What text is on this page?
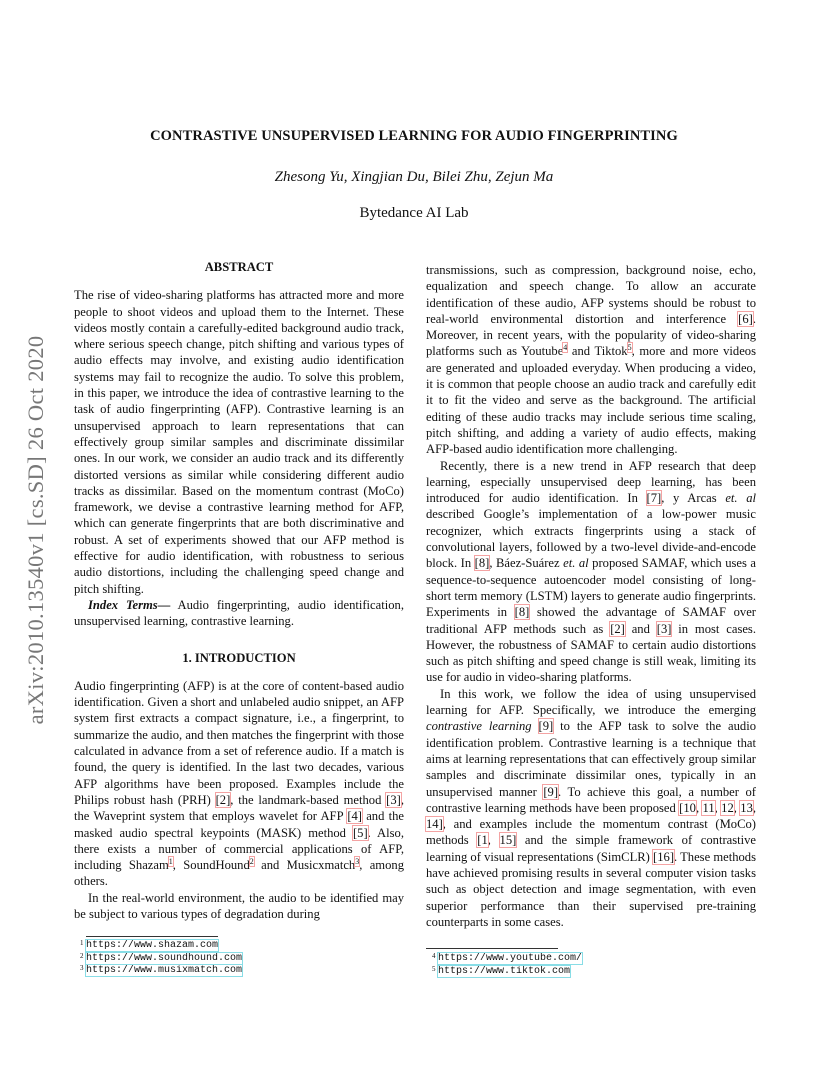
CONTRASTIVE UNSUPERVISED LEARNING FOR AUDIO FINGERPRINTING
Zhesong Yu, Xingjian Du, Bilei Zhu, Zejun Ma
Bytedance AI Lab
arXiv:2010.13540v1 [cs.SD] 26 Oct 2020
ABSTRACT

The rise of video-sharing platforms has attracted more and more people to shoot videos and upload them to the Internet. These videos mostly contain a carefully-edited background audio track, where serious speech change, pitch shifting and various types of audio effects may involve, and existing audio identification systems may fail to recognize the audio. To solve this problem, in this paper, we introduce the idea of contrastive learning to the task of audio fingerprinting (AFP). Contrastive learning is an unsupervised approach to learn representations that can effectively group similar samples and discriminate dissimilar ones. In our work, we consider an audio track and its differently distorted versions as similar while considering different audio tracks as dissimilar. Based on the momentum contrast (MoCo) framework, we devise a contrastive learning method for AFP, which can generate fingerprints that are both discriminative and robust. A set of experiments showed that our AFP method is effective for audio identification, with robustness to serious audio distortions, including the challenging speed change and pitch shifting.

Index Terms— Audio fingerprinting, audio identification, unsupervised learning, contrastive learning.

1. INTRODUCTION

Audio fingerprinting (AFP) is at the core of content-based audio identification. Given a short and unlabeled audio snippet, an AFP system first extracts a compact signature, i.e., a fingerprint, to summarize the audio, and then matches the fingerprint with those calculated in advance from a set of reference audio. If a match is found, the query is identified. In the last two decades, various AFP algorithms have been proposed. Examples include the Philips robust hash (PRH) [2], the landmark-based method [3], the Waveprint system that employs wavelet for AFP [4] and the masked audio spectral keypoints (MASK) method [5]. Also, there exists a number of commercial applications of AFP, including Shazam$^1$, SoundHound$^2$ and Musicxmatch$^3$, among others.

In the real-world environment, the audio to be identified may be subject to various types of degradation during

1 https://www.shazam.com
2 https://www.soundhound.com
3 https://www.musixmatch.com

transmissions, such as compression, background noise, echo, equalization and speech change. To allow an accurate identification of these audio, AFP systems should be robust to real-world environmental distortion and interference [6]. Moreover, in recent years, with the popularity of video-sharing platforms such as Youtube$^4$ and Tiktok$^5$, more and more videos are generated and uploaded everyday. When producing a video, it is common that people choose an audio track and carefully edit it to fit the video and serve as the background. The artificial editing of these audio tracks may include serious time scaling, pitch shifting, and adding a variety of audio effects, making AFP-based audio identification more challenging.

Recently, there is a new trend in AFP research that deep learning, especially unsupervised deep learning, has been introduced for audio identification. In [7], y Arcas et. al described Google’s implementation of a low-power music recognizer, which extracts fingerprints using a stack of convolutional layers, followed by a two-level divide-and-encode block. In [8], Báez-Suárez et. al proposed SAMAF, which uses a sequence-to-sequence autoencoder model consisting of long-short term memory (LSTM) layers to generate audio fingerprints. Experiments in [8] showed the advantage of SAMAF over traditional AFP methods such as [2] and [3] in most cases. However, the robustness of SAMAF to certain audio distortions such as pitch shifting and speed change is still weak, limiting its use for audio in video-sharing platforms.

In this work, we follow the idea of using unsupervised learning for AFP. Specifically, we introduce the emerging contrastive learning [9] to the AFP task to solve the audio identification problem. Contrastive learning is a technique that aims at learning representations that can effectively group similar samples and discriminate dissimilar ones, typically in an unsupervised manner [9]. To achieve this goal, a number of contrastive learning methods have been proposed [10, 11, 12, 13, 14], and examples include the momentum contrast (MoCo) methods [1, 15] and the simple framework of contrastive learning of visual representations (SimCLR) [16]. These methods have achieved promising results in several computer vision tasks such as object detection and image segmentation, with even superior performance than their supervised pre-training counterparts in some cases.

4 https://www.youtube.com/
5 https://www.tiktok.com
